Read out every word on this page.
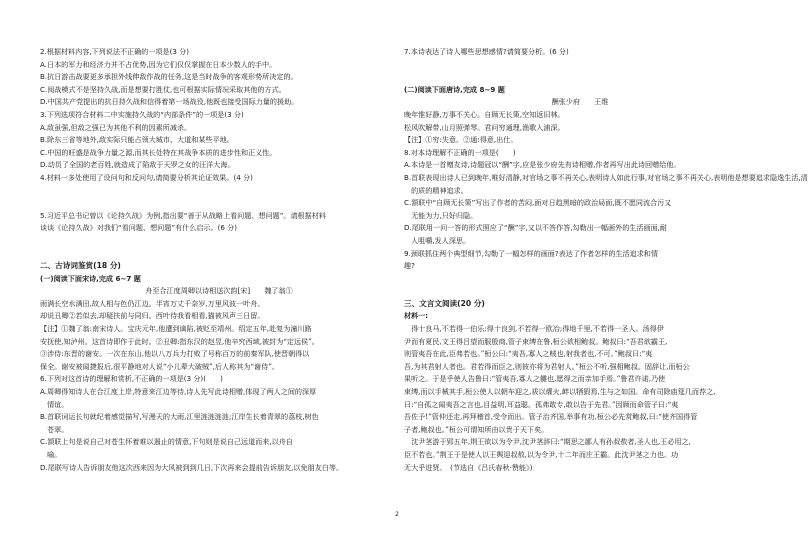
2.根据材料内容,下列说法不正确的一项是(3 分)
A.日本的军力和经济力并不占优势,因为它们仅仅掌握在日本少数人的手中。
B.抗日游击战要更多承担外线伸敌作战的任务,这是当时战争的客观形势所决定的。
C.阅战模式不是坚持久战,而是想要打胜仗,也可根据实际情况采取其他的方式。
D.中国共产党提出的抗日持久战和信得着第一场战役,他既也接受国际力量的援助。
3.下列选项符合材料二中实施持久战的“内部条件”的一项是(3 分)
A.敌虽强,但敌之强已为其他不利的因素所减杀。
B.除东三省等地外,敌实际只能占领大城市、大道和某些平地。
C.中国的旺盛是战争力量之源,而其长处特在其战争本质的进步性和正义性。
D.动员了全国的老百姓,就造成了陷敌于天罗之女的汪洋大海。
4.材料一多处使用了设问句和反问句,请简要分析其论证效果。(4 分)
5.习近平总书记曾以《论持久战》为例,指出要“善于从战略上看问题、想问题”。请根据材料
谈谈《论持久战》对我们“看问题、想问题”有什么启示。(6 分)
二、古诗词鉴赏(18 分)
(一)阅读下面宋诗,完成 6~7 题
舟至合江度周卿以诗相送次韵[宋]　　魏了翁①
雨满长空水满田,故人相与色仍江边。半宵万丈千奈岁,万里风波一叶舟。
却说丑卿②若似去,却疑扶前与同归。西叶待我看相看,猫被风声三日留。
【注】①魏了翁:南宋诗人。宝庆元年,他遭到谪陷,被贬至靖州。绍定五年,赴复为潼川路
安抚使,知泸州。这首诗即作于此时。②丑卿:指东汉的赵昱,他辛究西域,被封为“定远侯”。
③涉侍:东晋的谢安。一次在东山,他以八万兵力打败了号称百万的前秦军队,使晋朝得以
保全。谢安被闻捷报后,很平静地对人说“小儿辈大破贼”,后人称其为“谢侍”。
6.下列对这首诗的理解和赏析,不正确的一项是(3 分)(　　)
A.周卿得知诗人在合江度上岸,特意来江边等待,诗人先写此诗相赠,体现了两人之间的深厚
情谊。
B.首联词运长句就纪着感觉描写,写漫天的大雨,江里涟涟涟涟;江岸生长着青翠的荔枝,树色
苍翠。
C.颔联上句是说自己对苍生怀着难以遏止的情意,下句则是说自己远道而来,以舟自
喻。
D.尾联写诗人告诉朋友他这次西来因为大风被到到几日,下次再来会提前告诉朋友,以免朋友白等。
7.本诗表达了诗人哪些思想感情?请简要分析。(6 分)
(二)阅读下面唐诗,完成 8~9 题
酬张少府　　王维
晚年惟好静,万事不关心。自顾无长策,空知返旧林。
松风吹解带,山月照弹琴。君问穷通理,渔歌入浦深。
【注】①穷:失意。②通:得意,出仕。
8.对本诗理解不正确的一项是(　　)
A.本诗是一首赠友诗,诗题冠以“酬”字,应是张少府先有诗相赠,作者再写出此诗回赠给他。
B.首联表现出诗人已到晚年,唯好清静,对官场之事不再关心,表明诗人如此行事,对官场之事不再关心,表明他是想要追求隐逸生活,清
的质的精神追求。
C.颔联中“自顾无长策”写出了作者的苦闷,面对日趋黑暗的政治局面,既不愿同流合污又
无能为力,只好归隐。
D.尾联用一问一答的形式照应了“酬”字,又以不答作答,勾勒出一幅画外的生活画面,耐
人咀嚼,发人深思。
9.颈联抓住两个典型细节,勾勒了一幅怎样的画面?表达了作者怎样的生活追求和情
趣?
三、文言文阅读(20 分)
材料一:
得十良马,不若得一伯乐;得十良剑,不若得一欧冶;得地千里,不若得一圣人。汤得伊
尹而有夏民,文王得吕望而服殷商,管子束缚在鲁,桓公欲相鲍叔。鲍叔曰:“吾君欲霸王,
则管夷吾在此,臣弗若也。”桓公曰:“夷吾,寡人之贼也,射我者也,不可。”鲍叔曰:“夷
吾,为其君射人者也。君若得而臣之,则彼亦将为君射人。”桓公不听,强相鲍叔。固辞让,而桓公
果听之。于是乎使人告鲁曰:“管夷吾,寡人之雠也,愿得之而亲加手焉。”鲁君许诺,乃使
束缚,而以手械其手,桓公使人以朝车迎之,祓以爟火,衅以牺猳焉,生与之如国。命有司除庙筵几而荐之,
曰:“自孤之闻夷吾之言也,目益明,耳益聪。孤弗敢专,敢以告于先君。”因顾而命管子曰:“夷
吾佐予!”管仲还走,再拜稽首,受令而出。管子治齐国,举事有功,桓公必先赏鲍叔,曰:“使齐国得管
子者,鲍叔也。”桓公可谓知所由以贵于天下矣。
沈尹茎游于郢五年,荆王欲以为令尹,沈尹茎辞曰:“期思之鄙人有孙叔敖者,圣人也,王必用之,
臣不若也。”荆王于是使人以王舆迎叔敖,以为令尹,十二年而庄王霸。此沈尹茎之力也。功
无大乎进贤。　(节选自《吕氏春秋·赞能》)
2
